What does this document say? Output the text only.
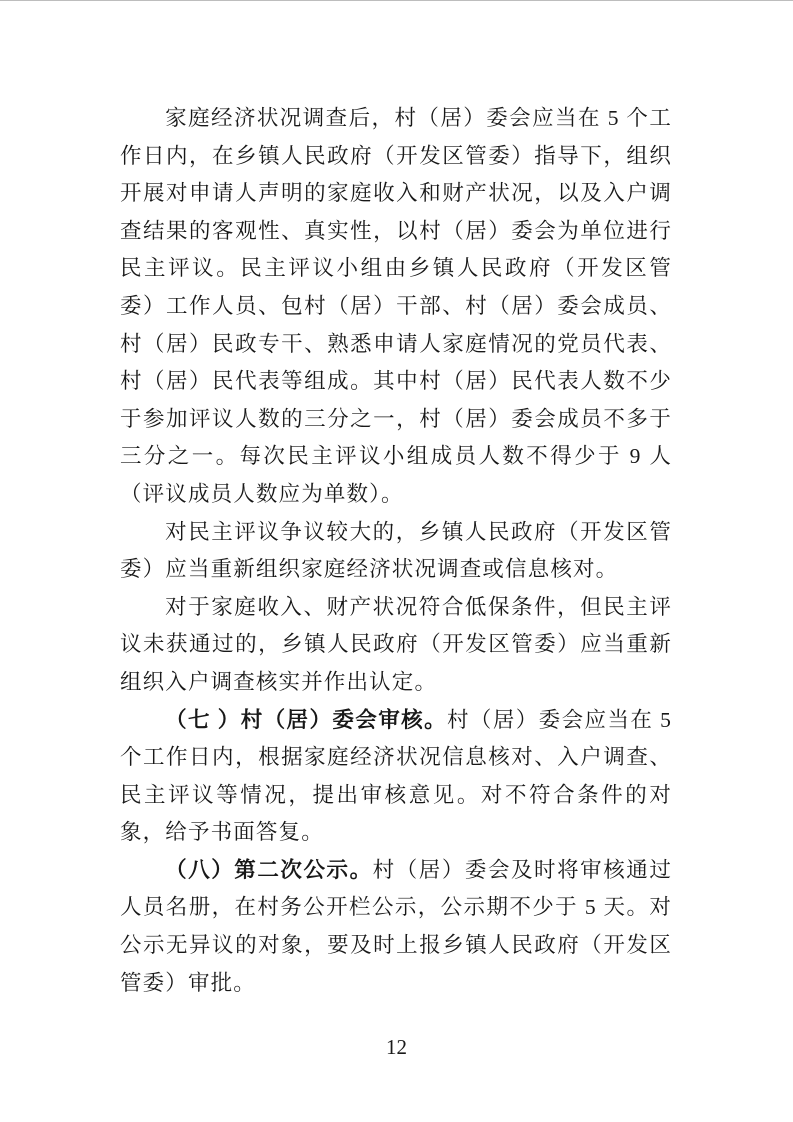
家庭经济状况调查后，村（居）委会应当在 5 个工作日内，在乡镇人民政府（开发区管委）指导下，组织开展对申请人声明的家庭收入和财产状况，以及入户调查结果的客观性、真实性，以村（居）委会为单位进行民主评议。民主评议小组由乡镇人民政府（开发区管委）工作人员、包村（居）干部、村（居）委会成员、村（居）民政专干、熟悉申请人家庭情况的党员代表、村（居）民代表等组成。其中村（居）民代表人数不少于参加评议人数的三分之一，村（居）委会成员不多于三分之一。每次民主评议小组成员人数不得少于 9 人（评议成员人数应为单数）。

对民主评议争议较大的，乡镇人民政府（开发区管委）应当重新组织家庭经济状况调查或信息核对。

对于家庭收入、财产状况符合低保条件，但民主评议未获通过的，乡镇人民政府（开发区管委）应当重新组织入户调查核实并作出认定。

（七 ）村（居）委会审核。村（居）委会应当在 5 个工作日内，根据家庭经济状况信息核对、入户调查、民主评议等情况，提出审核意见。对不符合条件的对象，给予书面答复。

（八）第二次公示。村（居）委会及时将审核通过人员名册，在村务公开栏公示，公示期不少于 5 天。对公示无异议的对象，要及时上报乡镇人民政府（开发区管委）审批。

12
